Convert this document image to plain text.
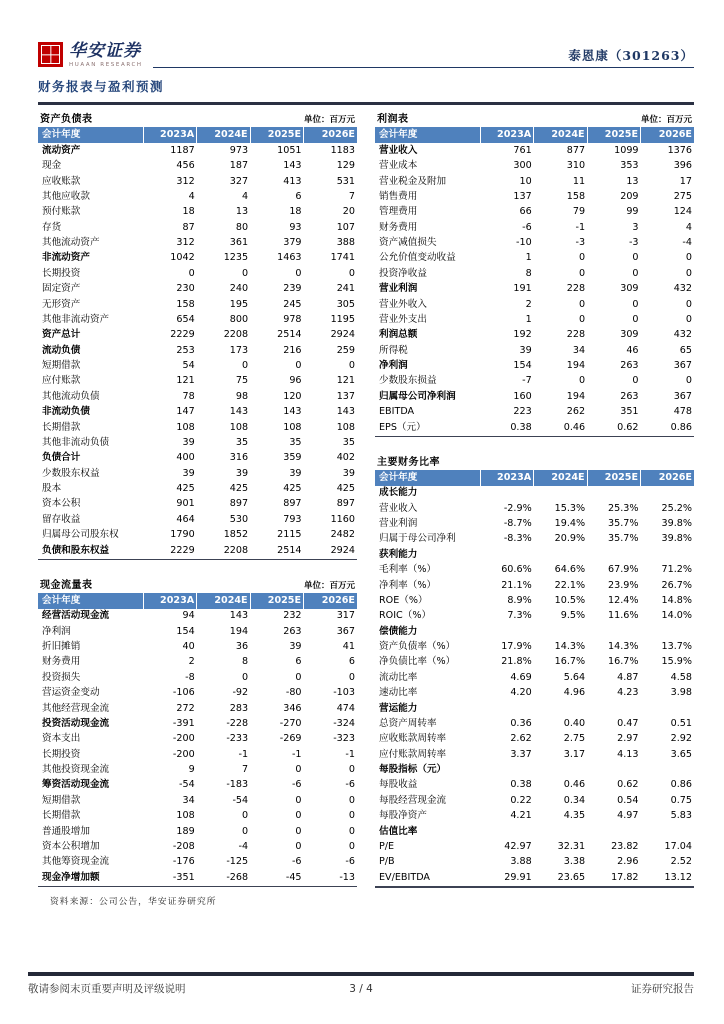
华安证券
HUAAN RESEARCH
泰恩康（301263）
财务报表与盈利预测
资产负债表	单位：百万元
会计年度	2023A	2024E	2025E	2026E
流动资产	1187	973	1051	1183
现金	456	187	143	129
应收账款	312	327	413	531
其他应收款	4	4	6	7
预付账款	18	13	18	20
存货	87	80	93	107
其他流动资产	312	361	379	388
非流动资产	1042	1235	1463	1741
长期投资	0	0	0	0
固定资产	230	240	239	241
无形资产	158	195	245	305
其他非流动资产	654	800	978	1195
资产总计	2229	2208	2514	2924
流动负债	253	173	216	259
短期借款	54	0	0	0
应付账款	121	75	96	121
其他流动负债	78	98	120	137
非流动负债	147	143	143	143
长期借款	108	108	108	108
其他非流动负债	39	35	35	35
负债合计	400	316	359	402
少数股东权益	39	39	39	39
股本	425	425	425	425
资本公积	901	897	897	897
留存收益	464	530	793	1160
归属母公司股东权	1790	1852	2115	2482
负债和股东权益	2229	2208	2514	2924
现金流量表	单位：百万元
会计年度	2023A	2024E	2025E	2026E
经营活动现金流	94	143	232	317
净利润	154	194	263	367
折旧摊销	40	36	39	41
财务费用	2	8	6	6
投资损失	-8	0	0	0
营运资金变动	-106	-92	-80	-103
其他经营现金流	272	283	346	474
投资活动现金流	-391	-228	-270	-324
资本支出	-200	-233	-269	-323
长期投资	-200	-1	-1	-1
其他投资现金流	9	7	0	0
筹资活动现金流	-54	-183	-6	-6
短期借款	34	-54	0	0
长期借款	108	0	0	0
普通股增加	189	0	0	0
资本公积增加	-208	-4	0	0
其他筹资现金流	-176	-125	-6	-6
现金净增加额	-351	-268	-45	-13
资料来源：公司公告，华安证券研究所
利润表	单位：百万元
会计年度	2023A	2024E	2025E	2026E
营业收入	761	877	1099	1376
营业成本	300	310	353	396
营业税金及附加	10	11	13	17
销售费用	137	158	209	275
管理费用	66	79	99	124
财务费用	-6	-1	3	4
资产减值损失	-10	-3	-3	-4
公允价值变动收益	1	0	0	0
投资净收益	8	0	0	0
营业利润	191	228	309	432
营业外收入	2	0	0	0
营业外支出	1	0	0	0
利润总额	192	228	309	432
所得税	39	34	46	65
净利润	154	194	263	367
少数股东损益	-7	0	0	0
归属母公司净利润	160	194	263	367
EBITDA	223	262	351	478
EPS（元）	0.38	0.46	0.62	0.86
主要财务比率
会计年度	2023A	2024E	2025E	2026E
成长能力				
营业收入	-2.9%	15.3%	25.3%	25.2%
营业利润	-8.7%	19.4%	35.7%	39.8%
归属于母公司净利	-8.3%	20.9%	35.7%	39.8%
获利能力				
毛利率（%）	60.6%	64.6%	67.9%	71.2%
净利率（%）	21.1%	22.1%	23.9%	26.7%
ROE（%）	8.9%	10.5%	12.4%	14.8%
ROIC（%）	7.3%	9.5%	11.6%	14.0%
偿债能力				
资产负债率（%）	17.9%	14.3%	14.3%	13.7%
净负债比率（%）	21.8%	16.7%	16.7%	15.9%
流动比率	4.69	5.64	4.87	4.58
速动比率	4.20	4.96	4.23	3.98
营运能力				
总资产周转率	0.36	0.40	0.47	0.51
应收账款周转率	2.62	2.75	2.97	2.92
应付账款周转率	3.37	3.17	4.13	3.65
每股指标（元）				
每股收益	0.38	0.46	0.62	0.86
每股经营现金流	0.22	0.34	0.54	0.75
每股净资产	4.21	4.35	4.97	5.83
估值比率				
P/E	42.97	32.31	23.82	17.04
P/B	3.88	3.38	2.96	2.52
EV/EBITDA	29.91	23.65	17.82	13.12
敬请参阅末页重要声明及评级说明	3 / 4	证券研究报告
